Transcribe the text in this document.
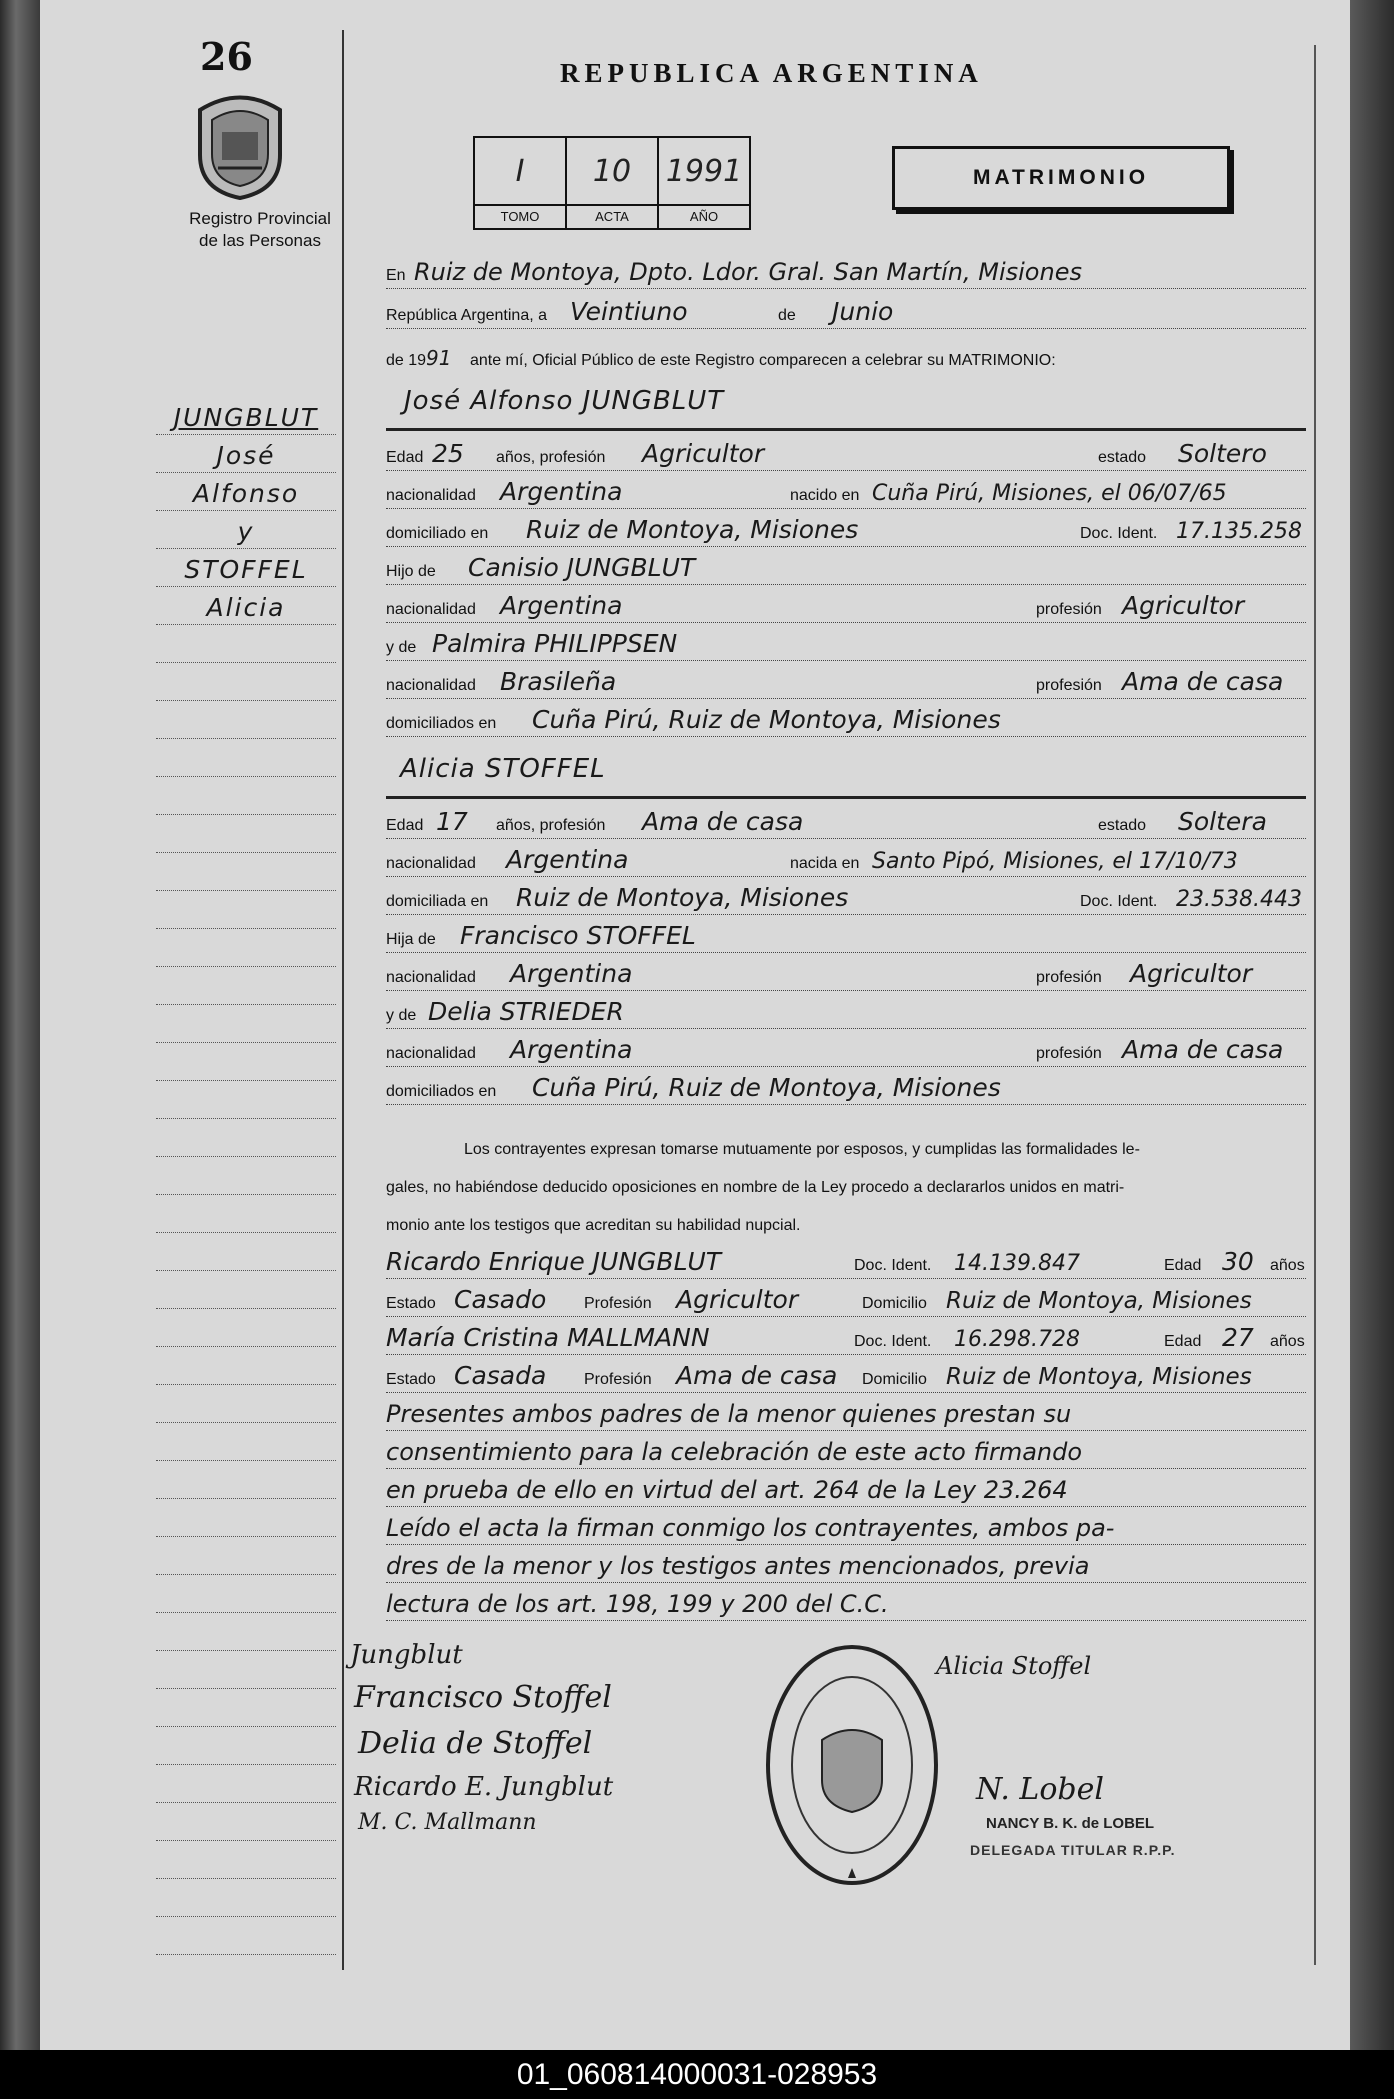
26
Registro Provincial
de las Personas
REPUBLICA ARGENTINA
I
TOMO
10
ACTA
1991
AÑO
MATRIMONIO
En Ruiz de Montoya, Dpto. Ldor. Gral. San Martín, Misiones
República Argentina, a Veintiuno	de Junio
de 1991 ante mí, Oficial Público de este Registro comparecen a celebrar su MATRIMONIO:
JUNGBLUT
José
Alfonso
y
STOFFEL
Alicia
José Alfonso JUNGBLUT
Edad 25 años, profesión Agricultor	estado Soltero
nacionalidad Argentina	nacido en Cuña Pirú, Misiones, el 06/07/65
domiciliado en Ruiz de Montoya, Misiones	Doc. Ident. 17.135.258
Hijo de Canisio JUNGBLUT
nacionalidad Argentina	profesión Agricultor
y de Palmira PHILIPPSEN
nacionalidad Brasileña	profesión Ama de casa
domiciliados en Cuña Pirú, Ruiz de Montoya, Misiones
Alicia STOFFEL
Edad 17 años, profesión Ama de casa	estado Soltera
nacionalidad Argentina	nacida en Santo Pipó, Misiones, el 17/10/73
domiciliada en Ruiz de Montoya, Misiones	Doc. Ident. 23.538.443
Hija de Francisco STOFFEL
nacionalidad Argentina	profesión Agricultor
y de Delia STRIEDER
nacionalidad Argentina	profesión Ama de casa
domiciliados en Cuña Pirú, Ruiz de Montoya, Misiones
Los contrayentes expresan tomarse mutuamente por esposos, y cumplidas las formalidades le-
gales, no habiéndose deducido oposiciones en nombre de la Ley procedo a declararlos unidos en matri-
monio ante los testigos que acreditan su habilidad nupcial.
Ricardo Enrique JUNGBLUT	Doc. Ident. 14.139.847	Edad 30 años
Estado Casado Profesión Agricultor	Domicilio Ruiz de Montoya, Misiones
María Cristina MALLMANN	Doc. Ident. 16.298.728	Edad 27 años
Estado Casada Profesión Ama de casa Domicilio Ruiz de Montoya, Misiones
Presentes ambos padres de la menor quienes prestan su
consentimiento para la celebración de este acto firmando
en prueba de ello en virtud del art. 264 de la Ley 23.264
Leído el acta la firman conmigo los contrayentes, ambos pa-
dres de la menor y los testigos antes mencionados, previa
lectura de los art. 198, 199 y 200 del C.C.
Jungblut
Francisco Stoffel
Delia de Stoffel
Ricardo E. Jungblut
M. C. Mallmann
Alicia Stoffel
N. Lobel
NANCY B. K. de LOBEL
DELEGADA TITULAR R.P.P.
01_060814000031-028953
